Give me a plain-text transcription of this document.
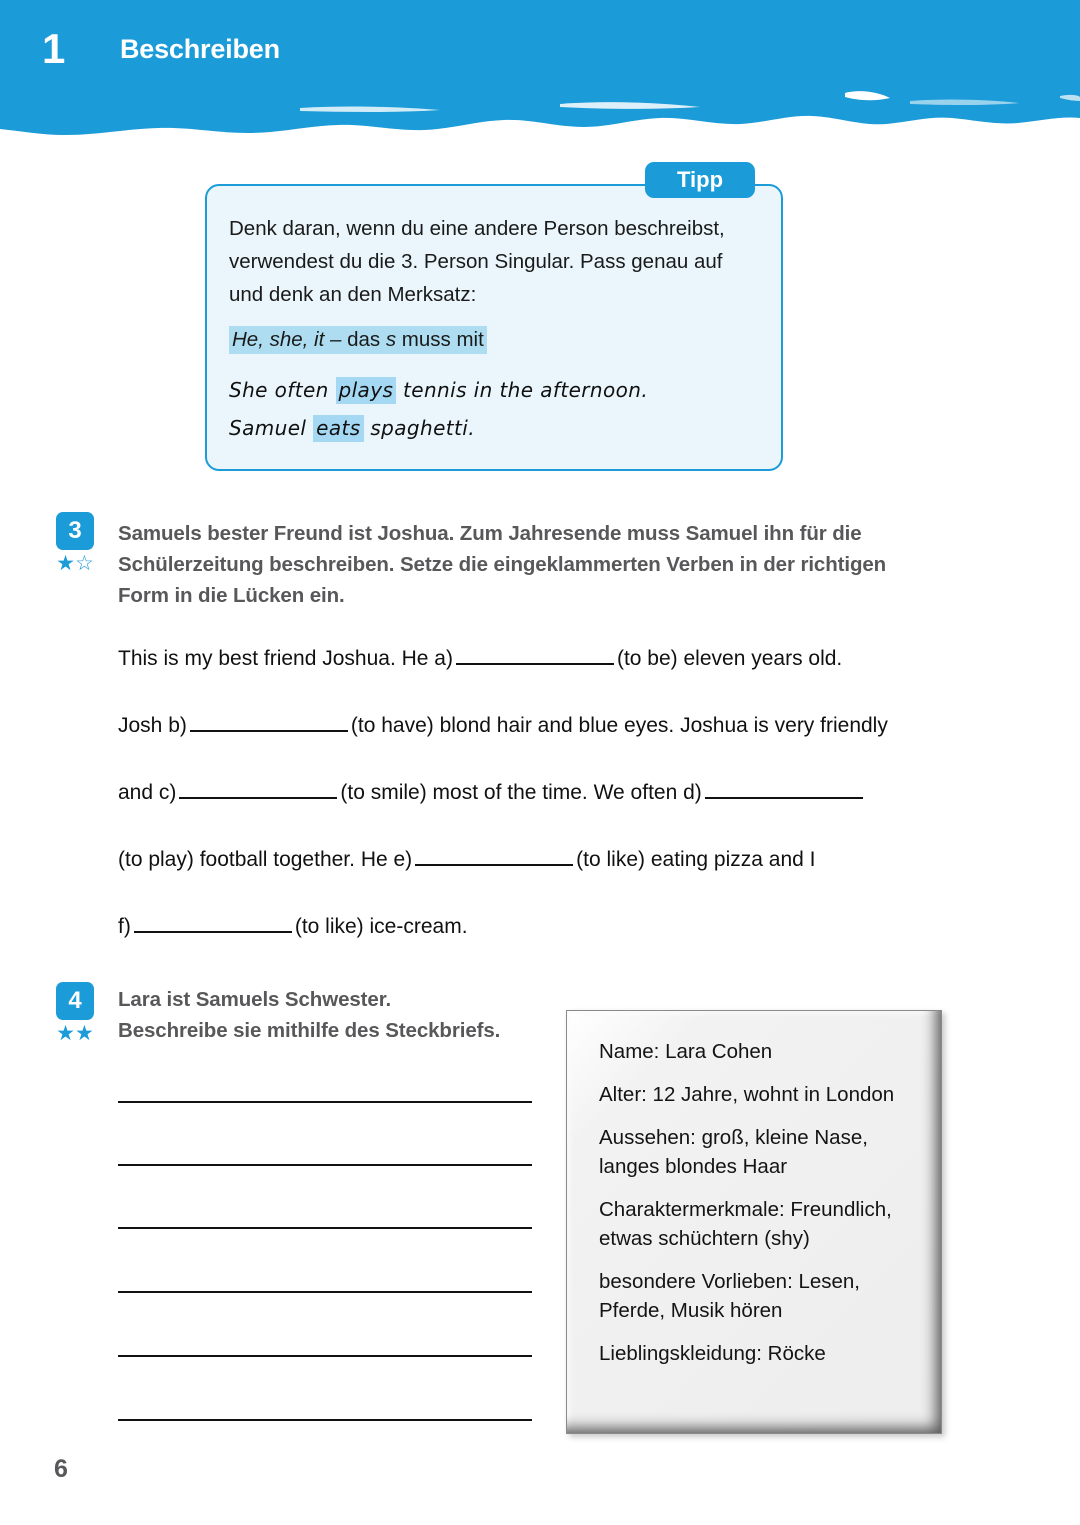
1 Beschreiben
Tipp
Denk daran, wenn du eine andere Person beschreibst, verwendest du die 3. Person Singular. Pass genau auf und denk an den Merksatz:
He, she, it – das s muss mit
She often plays tennis in the afternoon.
Samuel eats spaghetti.
3
★☆
Samuels bester Freund ist Joshua. Zum Jahresende muss Samuel ihn für die Schülerzeitung beschreiben. Setze die eingeklammerten Verben in der richtigen Form in die Lücken ein.
This is my best friend Joshua. He a)	(to be) eleven years old.
Josh b)	(to have) blond hair and blue eyes. Joshua is very friendly
and c)	(to smile) most of the time. We often d)
(to play) football together. He e)	(to like) eating pizza and I
f)	(to like) ice-cream.
4
★★
Lara ist Samuels Schwester.
Beschreibe sie mithilfe des Steckbriefs.
Name: Lara Cohen
Alter: 12 Jahre, wohnt in London
Aussehen: groß, kleine Nase, langes blondes Haar
Charaktermerkmale: Freundlich, etwas schüchtern (shy)
besondere Vorlieben: Lesen, Pferde, Musik hören
Lieblingskleidung: Röcke
6
